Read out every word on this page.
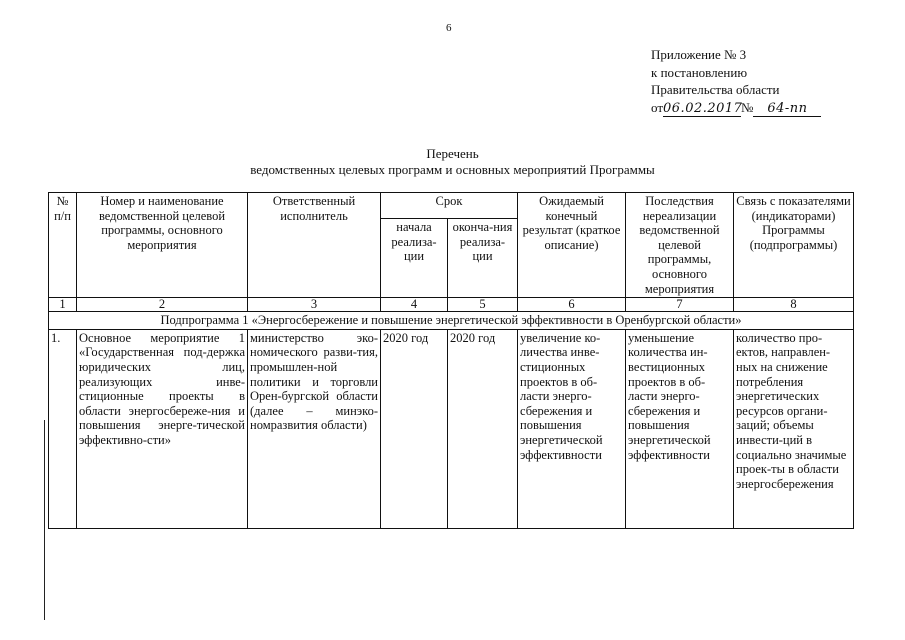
6
Приложение № 3
к постановлению
Правительства области
от06.02.2017№ 64-пп
Перечень
ведомственных целевых программ и основных мероприятий Программы
№ п/п	Номер и наименование ведомственной целевой программы, основного мероприятия	Ответственный исполнитель	Срок		Ожидаемый конечный результат (краткое описание)	Последствия нереализации ведомственной целевой программы, основного мероприятия	Связь с показателями (индикаторами) Программы (подпрограммы)
			начала реализа-ции	оконча-ния реализа-ции			
1	2	3	4	5	6	7	8
Подпрограмма 1 «Энергосбережение и повышение энергетической эффективности в Оренбургской области»							
1.	Основное мероприятие 1 «Государственная под-держка юридических лиц, реализующих инве-стиционные проекты в области энергосбереже-ния и повышения энерге-тической эффективно-сти»	министерство эко-номического разви-тия, промышлен-ной политики и торговли Орен-бургской области (далее – минэко-номразвития области)	2020 год	2020 год	увеличение ко-личества инве-стиционных проектов в об-ласти энерго-сбережения и повышения энергетической эффективности	уменьшение количества ин-вестиционных проектов в об-ласти энерго-сбережения и повышения энергетической эффективности	количество про-ектов, направлен-ных на снижение потребления энергетических ресурсов органи-заций; объемы инвести-ций в социально значимые проек-ты в области энергосбережения
